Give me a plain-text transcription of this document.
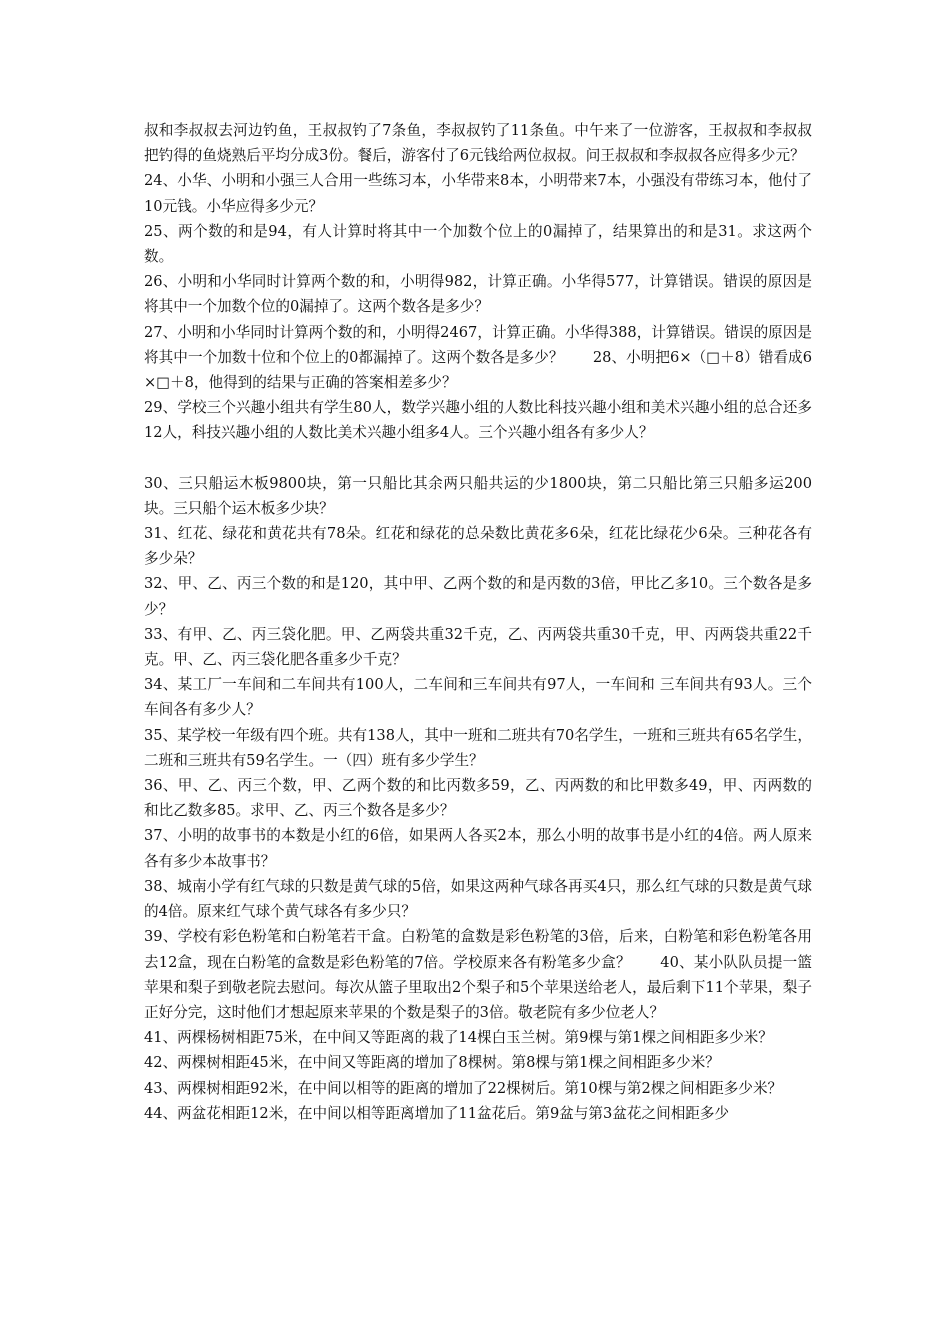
叔和李叔叔去河边钓鱼，王叔叔钓了7条鱼，李叔叔钓了11条鱼。中午来了一位游客，王叔叔和李叔叔把钓得的鱼烧熟后平均分成3份。餐后，游客付了6元钱给两位叔叔。问王叔叔和李叔叔各应得多少元？

24、小华、小明和小强三人合用一些练习本，小华带来8本，小明带来7本，小强没有带练习本，他付了10元钱。小华应得多少元？

25、两个数的和是94，有人计算时将其中一个加数个位上的0漏掉了，结果算出的和是31。求这两个数。

26、小明和小华同时计算两个数的和，小明得982，计算正确。小华得577，计算错误。错误的原因是将其中一个加数个位的0漏掉了。这两个数各是多少？

27、小明和小华同时计算两个数的和，小明得2467，计算正确。小华得388，计算错误。错误的原因是将其中一个加数十位和个位上的0都漏掉了。这两个数各是多少？　　28、小明把6×（□＋8）错看成6×□＋8，他得到的结果与正确的答案相差多少？

29、学校三个兴趣小组共有学生80人，数学兴趣小组的人数比科技兴趣小组和美术兴趣小组的总合还多12人，科技兴趣小组的人数比美术兴趣小组多4人。三个兴趣小组各有多少人？

30、三只船运木板9800块，第一只船比其余两只船共运的少1800块，第二只船比第三只船多运200块。三只船个运木板多少块？

31、红花、绿花和黄花共有78朵。红花和绿花的总朵数比黄花多6朵，红花比绿花少6朵。三种花各有多少朵？

32、甲、乙、丙三个数的和是120，其中甲、乙两个数的和是丙数的3倍，甲比乙多10。三个数各是多少？

33、有甲、乙、丙三袋化肥。甲、乙两袋共重32千克，乙、丙两袋共重30千克，甲、丙两袋共重22千克。甲、乙、丙三袋化肥各重多少千克？

34、某工厂一车间和二车间共有100人，二车间和三车间共有97人，一车间和 三车间共有93人。三个车间各有多少人？

35、某学校一年级有四个班。共有138人，其中一班和二班共有70名学生，一班和三班共有65名学生，二班和三班共有59名学生。一（四）班有多少学生？

36、甲、乙、丙三个数，甲、乙两个数的和比丙数多59，乙、丙两数的和比甲数多49，甲、丙两数的和比乙数多85。求甲、乙、丙三个数各是多少？

37、小明的故事书的本数是小红的6倍，如果两人各买2本，那么小明的故事书是小红的4倍。两人原来各有多少本故事书？

38、城南小学有红气球的只数是黄气球的5倍，如果这两种气球各再买4只，那么红气球的只数是黄气球的4倍。原来红气球个黄气球各有多少只？

39、学校有彩色粉笔和白粉笔若干盒。白粉笔的盒数是彩色粉笔的3倍，后来，白粉笔和彩色粉笔各用去12盒，现在白粉笔的盒数是彩色粉笔的7倍。学校原来各有粉笔多少盒？　　40、某小队队员提一篮苹果和梨子到敬老院去慰问。每次从篮子里取出2个梨子和5个苹果送给老人，最后剩下11个苹果，梨子正好分完，这时他们才想起原来苹果的个数是梨子的3倍。敬老院有多少位老人？

41、两棵杨树相距75米，在中间又等距离的栽了14棵白玉兰树。第9棵与第1棵之间相距多少米？

42、两棵树相距45米，在中间又等距离的增加了8棵树。第8棵与第1棵之间相距多少米？

43、两棵树相距92米，在中间以相等的距离的增加了22棵树后。第10棵与第2棵之间相距多少米？

44、两盆花相距12米，在中间以相等距离增加了11盆花后。第9盆与第3盆花之间相距多少
